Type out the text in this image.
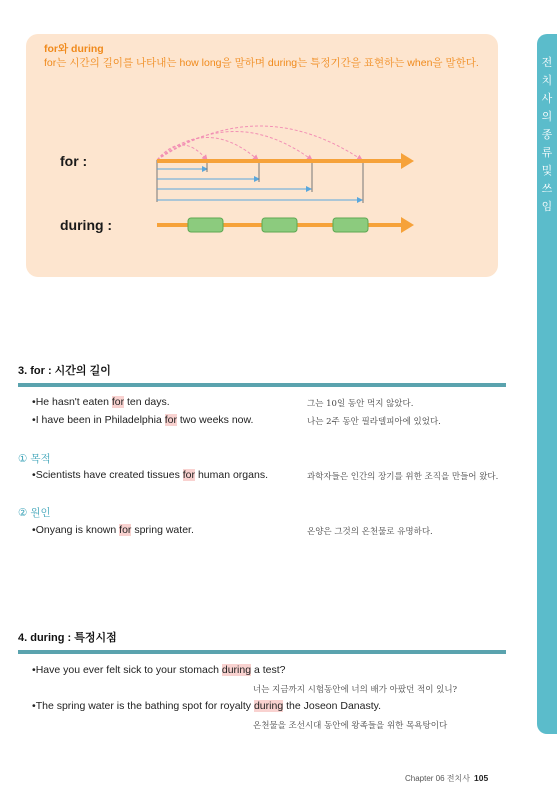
for와 during
for는 시간의 길이를 나타내는 how long을 말하며 during는 특정기간을 표현하는 when을 말한다.
for :
during :
전치사의 종류 및 쓰임
3. for : 시간의 길이
•He hasn't eaten for ten days.	그는 10일 동안 먹지 않았다.
•I have been in Philadelphia for two weeks now.	나는 2주 동안 필라델피아에 있었다.
① 목적
•Scientists have created tissues for human organs.	과학자들은 인간의 장기를 위한 조직을 만들어 왔다.
② 원인
•Onyang is known for spring water.	온양은 그것의 온천물로 유명하다.
4. during : 특정시점
•Have you ever felt sick to your stomach during a test?
너는 지금까지 시험동안에 너의 배가 아팠던 적이 있니?
•The spring water is the bathing spot for royalty during the Joseon Danasty.
온천물을 조선시대 동안에 왕족들을 위한 목욕탕이다
Chapter 06 전치사 105
